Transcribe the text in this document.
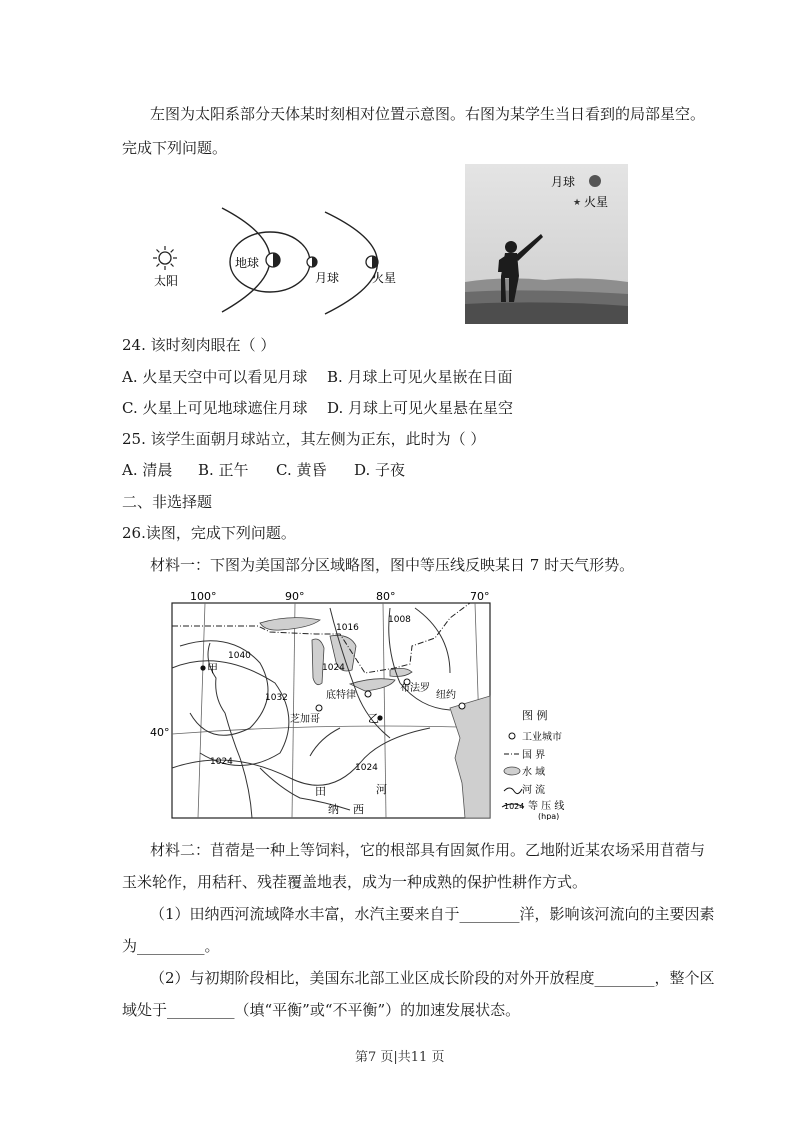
左图为太阳系部分天体某时刻相对位置示意图。右图为某学生当日看到的局部星空。
完成下列问题。
太阳
地球
月球	火星
月球
★ 火星
24. 该时刻肉眼在（ ）
A. 火星天空中可以看见月球 B. 月球上可见火星嵌在日面
C. 火星上可见地球遮住月球 D. 月球上可见火星悬在星空
25. 该学生面朝月球站立，其左侧为正东，此时为（ ）
A. 清晨 B. 正午 C. 黄昏 D. 子夜
二、非选择题
26.读图，完成下列问题。
材料一：下图为美国部分区域略图，图中等压线反映某日 7 时天气形势。
100°	90°	80°	70°
40°
1040
1032
1024
1024
1024
1016
1008
甲
芝加哥
底特律
布法罗
纽约
乙
田
纳 西
河
图 例
工业城市
国 界
水 域
河 流
1024 等 压 线
(hpa)
材料二：苜蓿是一种上等饲料，它的根部具有固氮作用。乙地附近某农场采用苜蓿与
玉米轮作，用秸秆、残茬覆盖地表，成为一种成熟的保护性耕作方式。
（1）田纳西河流域降水丰富，水汽主要来自于________洋，影响该河流向的主要因素
为_________。
（2）与初期阶段相比，美国东北部工业区成长阶段的对外开放程度________，整个区
域处于_________（填“平衡”或“不平衡”）的加速发展状态。
第7 页|共11 页
